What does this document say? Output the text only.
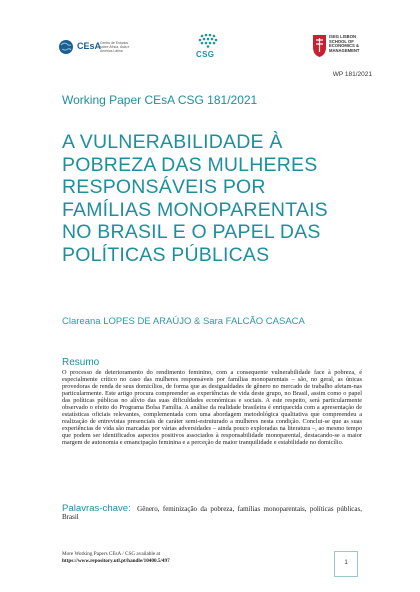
CEsA
Centro de Estudos sobre África, Ásia e América Latina	CSG
ISEG LISBON SCHOOL OF ECONOMICS & MANAGEMENT
WP 181/2021
Working Paper CEsA CSG 181/2021
A VULNERABILIDADE À
POBREZA DAS MULHERES
RESPONSÁVEIS POR
FAMÍLIAS MONOPARENTAIS
NO BRASIL E O PAPEL DAS
POLÍTICAS PÚBLICAS
Clareana LOPES DE ARAÚJO & Sara FALCÃO CASACA
Resumo
O processo de deterioramento do rendimento feminino, com a consequente vulnerabilidade face à pobreza, é especialmente crítico no caso das mulheres responsáveis por famílias monoparentais – são, no geral, as únicas provedoras de renda de seus domicílios, de forma que as desigualdades de gênero no mercado de trabalho afetam-nas particularmente. Este artigo procura compreender as experiências de vida deste grupo, no Brasil, assim como o papel das políticas públicas no alívio das suas dificuldades económicas e sociais. A este respeito, será particularmente observado o efeito do Programa Bolsa Família. A análise da realidade brasileira é enriquecida com a apresentação de estatísticas oficiais relevantes, complementada com uma abordagem metodológica qualitativa que compreendeu a realização de entrevistas presenciais de caráter semi-estruturado a mulheres nesta condição. Conclui-se que as suas experiências de vida são marcadas por várias adversidades – ainda pouco exploradas na literatura –, ao mesmo tempo que podem ser identificados aspectos positivos associados à responsabilidade monoparental, destacando-se a maior margem de autonomia e emancipação feminina e a perceção de maior tranquilidade e estabilidade no domicílio.
Palavras-chave: Gênero, feminização da pobreza, famílias monoparentais, políticas públicas, Brasil
More Working Papers CEsA / CSG available at
https://www.repository.utl.pt/handle/10400.5/497	1
